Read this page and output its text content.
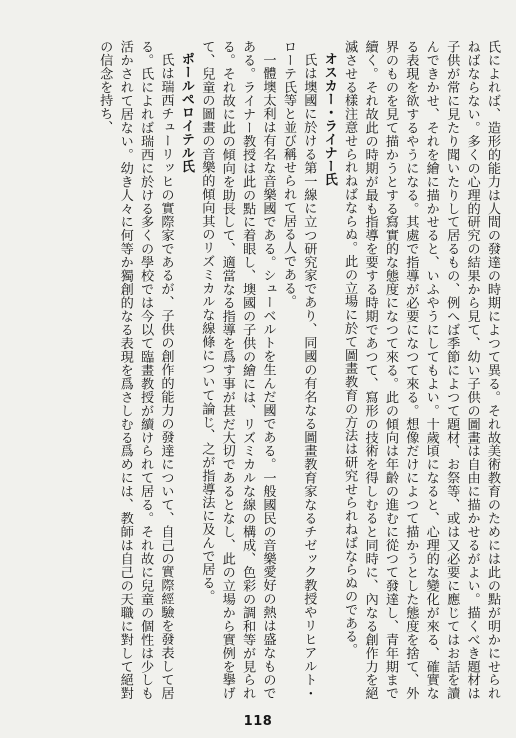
氏によれば、造形的能力は人間の發達の時期によつて異る。それ故美術教育のためには此の點が明かにせられねばならない。多くの心理的研究の結果から見て、幼い子供の圖畫は自由に描かせるがよい。描くべき題材は子供が常に見たり聞いたりして居るもの、例へば季節によつて題材、お祭等、或は又必要に應じてはお話を讀んできかせ、それを繪に描かせると、いふやうにしてもよい。十歲頃になると、心理的な變化が來る、確實なる表現を欲するやうになる。其處で指導が必要になつて來る。想像だけによつて描かうとした態度を捨て、外界のものを見て描かうとする寫實的な態度になつて來る。此の傾向は年齡の進むに從つて發達し、青年期まで續く。それ故此の時期が最も指導を要する時期であつて、寫形の技術を得しむると同時に、內なる創作力を絕滅させる樣注意せられねばならぬ。此の立場に於て圖畫教育の方法は研究せられねばならぬのである。

オスカー・ライナー氏

氏は墺國に於ける第一線に立つ研究家であり、同國の有名なる圖畫教育家なるチゼック教授やリヒアルト・ローテ氏等と並び稱せられて居る人である。

一體墺太利は有名な音樂國である。シューベルトを生んだ國である。一般國民の音樂愛好の熱は盛なものである。ライナー教授は此の點に着眼し、墺國の子供の繪には、リズミカルな線の構成、色彩の調和等が見られる。それ故に此の傾向を助長して、適當なる指導を爲す事が甚だ大切であるとなし、此の立場から實例を擧げて、兒童の圖畫の音樂的傾向其のリズミカルな線條について論じ、之が指導法に及んで居る。

ポールペロイテル氏

氏は瑞西チューリッヒの實際家であるが、子供の創作的能力の發達について、自己の實際經驗を發表して居る。氏によれば瑞西に於ける多くの學校では今以て臨畫教授が續けられて居る。それ故に兒童の個性は少しも活かされて居ない。幼き人々に何等か獨創的なる表現を爲さしむる爲めには、教師は自己の天職に對して絕對の信念を持ち、

118
